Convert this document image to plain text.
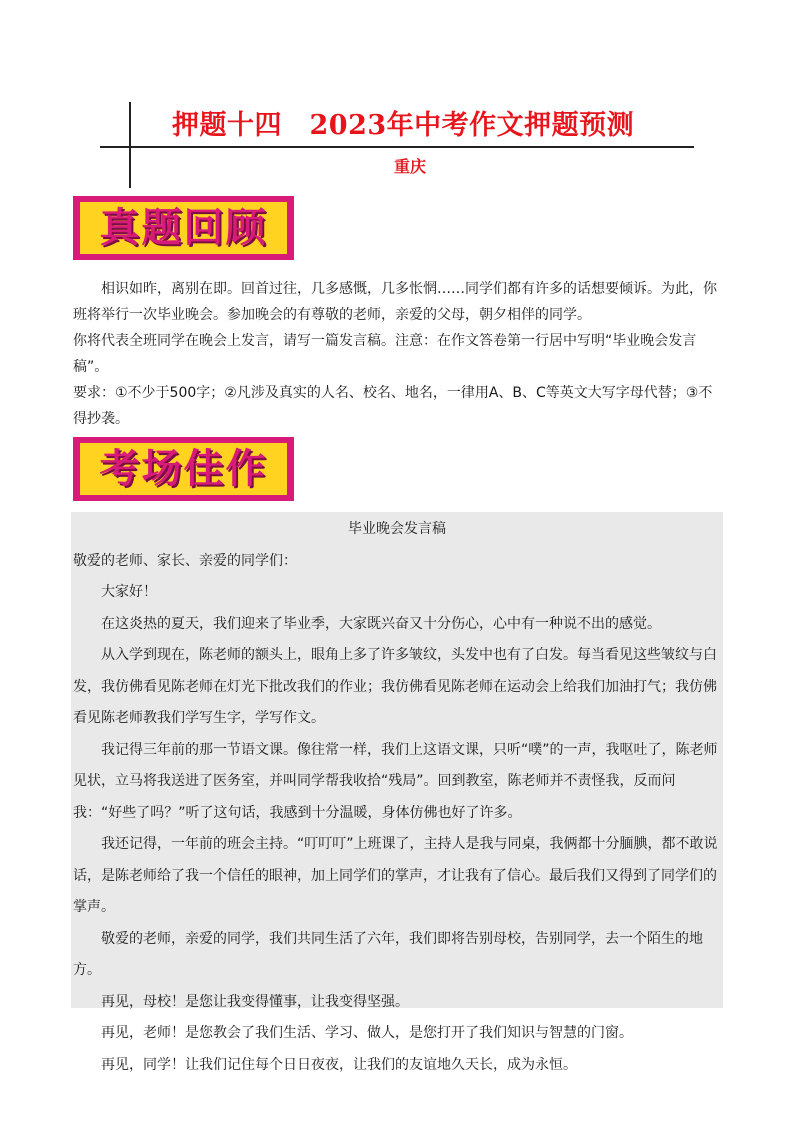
押题十四　2023年中考作文押题预测
重庆
真题回顾

相识如昨，离别在即。回首过往，几多感慨，几多怅惘……同学们都有许多的话想要倾诉。为此，你班将举行一次毕业晚会。参加晚会的有尊敬的老师，亲爱的父母，朝夕相伴的同学。

你将代表全班同学在晚会上发言，请写一篇发言稿。注意：在作文答卷第一行居中写明“毕业晚会发言稿”。

要求：①不少于500字；②凡涉及真实的人名、校名、地名，一律用A、B、C等英文大写字母代替；③不得抄袭。

考场佳作

毕业晚会发言稿

敬爱的老师、家长、亲爱的同学们：

大家好！

在这炎热的夏天，我们迎来了毕业季，大家既兴奋又十分伤心，心中有一种说不出的感觉。

从入学到现在，陈老师的额头上，眼角上多了许多皱纹，头发中也有了白发。每当看见这些皱纹与白发，我仿佛看见陈老师在灯光下批改我们的作业；我仿佛看见陈老师在运动会上给我们加油打气；我仿佛看见陈老师教我们学写生字，学写作文。

我记得三年前的那一节语文课。像往常一样，我们上这语文课，只听“噗”的一声，我呕吐了，陈老师见状，立马将我送进了医务室，并叫同学帮我收拾“残局”。回到教室，陈老师并不责怪我，反而问我：“好些了吗？”听了这句话，我感到十分温暖，身体仿佛也好了许多。

我还记得，一年前的班会主持。“叮叮叮”上班课了，主持人是我与同桌，我俩都十分腼腆，都不敢说话，是陈老师给了我一个信任的眼神，加上同学们的掌声，才让我有了信心。最后我们又得到了同学们的掌声。

敬爱的老师，亲爱的同学，我们共同生活了六年，我们即将告别母校，告别同学，去一个陌生的地方。

再见，母校！是您让我变得懂事，让我变得坚强。

再见，老师！是您教会了我们生活、学习、做人，是您打开了我们知识与智慧的门窗。

再见，同学！让我们记住每个日日夜夜，让我们的友谊地久天长，成为永恒。
